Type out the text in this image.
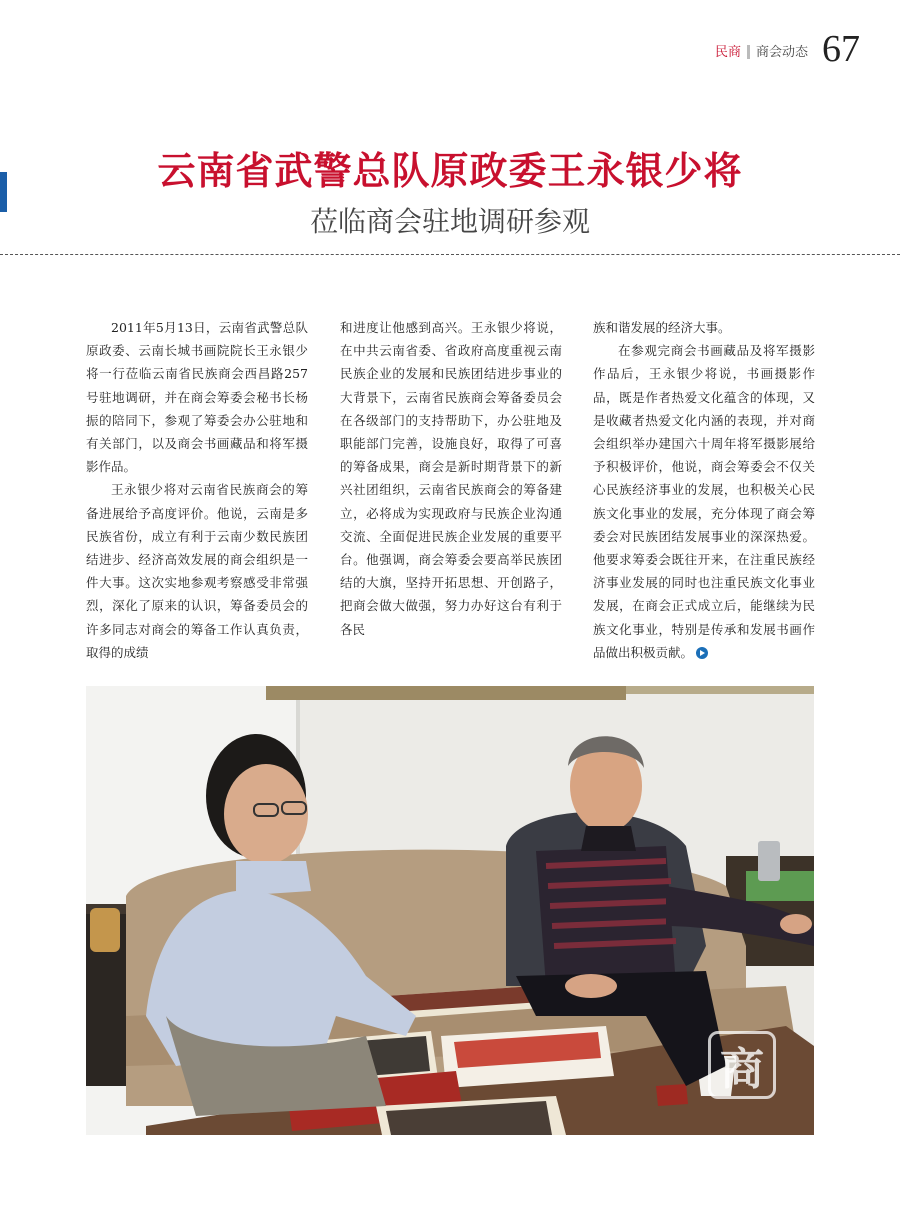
民商 商会动态 67
云南省武警总队原政委王永银少将
莅临商会驻地调研参观

2011年5月13日，云南省武警总队原政委、云南长城书画院院长王永银少将一行莅临云南省民族商会西昌路257号驻地调研，并在商会筹委会秘书长杨振的陪同下，参观了筹委会办公驻地和有关部门，以及商会书画藏品和将军摄影作品。

王永银少将对云南省民族商会的筹备进展给予高度评价。他说，云南是多民族省份，成立有利于云南少数民族团结进步、经济高效发展的商会组织是一件大事。这次实地参观考察感受非常强烈，深化了原来的认识，筹备委员会的许多同志对商会的筹备工作认真负责，取得的成绩

和进度让他感到高兴。王永银少将说，在中共云南省委、省政府高度重视云南民族企业的发展和民族团结进步事业的大背景下，云南省民族商会筹备委员会在各级部门的支持帮助下，办公驻地及职能部门完善，设施良好，取得了可喜的筹备成果，商会是新时期背景下的新兴社团组织，云南省民族商会的筹备建立，必将成为实现政府与民族企业沟通交流、全面促进民族企业发展的重要平台。他强调，商会筹委会要高举民族团结的大旗，坚持开拓思想、开创路子，把商会做大做强，努力办好这台有利于各民

族和谐发展的经济大事。

在参观完商会书画藏品及将军摄影作品后，王永银少将说，书画摄影作品，既是作者热爱文化蕴含的体现，又是收藏者热爱文化内涵的表现，并对商会组织举办建国六十周年将军摄影展给予积极评价，他说，商会筹委会不仅关心民族经济事业的发展，也积极关心民族文化事业的发展，充分体现了商会筹委会对民族团结发展事业的深深热爱。他要求筹委会既往开来，在注重民族经济事业发展的同时也注重民族文化事业发展，在商会正式成立后，能继续为民族文化事业，特别是传承和发展书画作品做出积极贡献。

商
